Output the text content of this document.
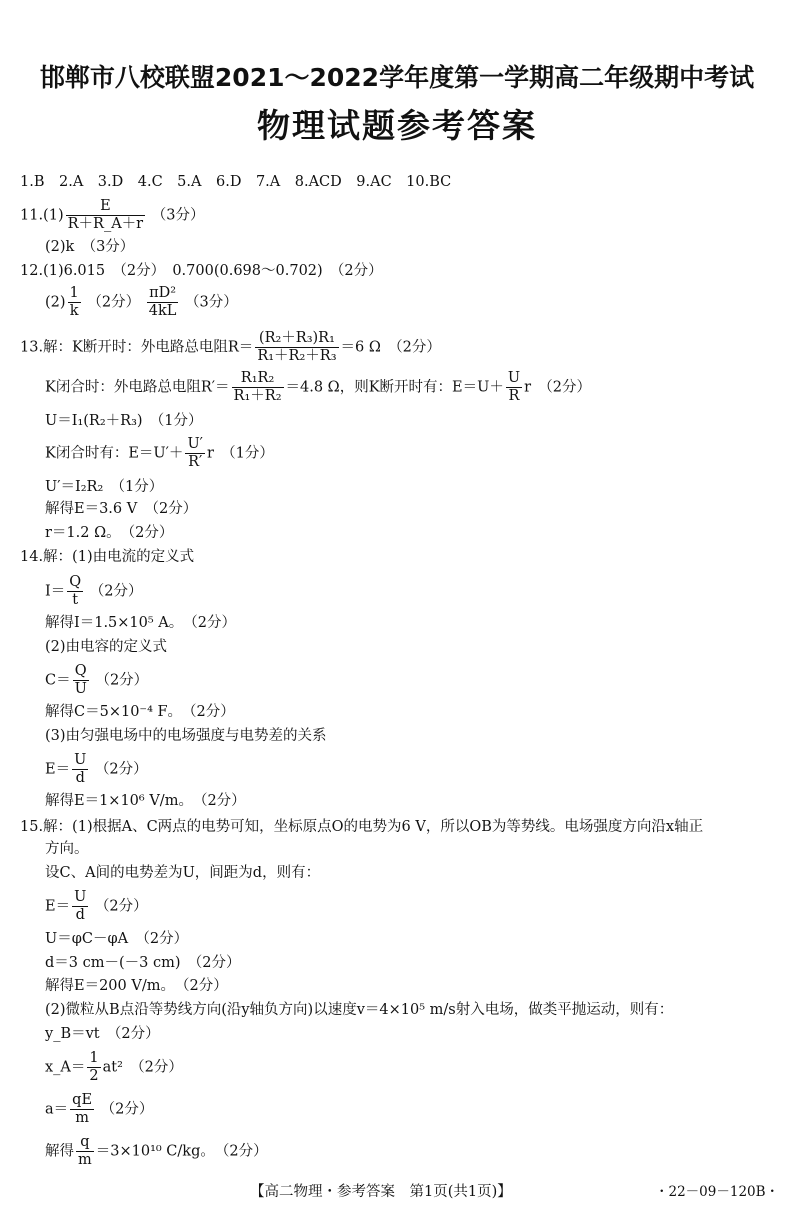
邯郸市八校联盟2021～2022学年度第一学期高二年级期中考试
物理试题参考答案
1.B　2.A　3.D　4.C　5.A　6.D　7.A　8.ACD　9.AC　10.BC
$11.(1) \frac{E}{R+R\_A+r} (3$分）
(2)k　（3分）
12.(1)6.015　（2分）　0.700(0.698～0.702)　（2分）
$(2) \frac{1}{k} (2$分） $\frac{\text{πD²}}{4kL} (3$分）
13.解：K断开时：外电路总电阻$R= \frac{\text{(R₂＋R₃)R₁}}{\text{R₁＋R₂＋R₃}} =6$ Ω　（2分）
K闭合时：外电路总电阻$R'= \frac{\text{R₁R₂}}{\text{R₁＋R₂}} =4.8$ Ω，则K断开时有：$E=U+ \frac{U}{R}$ r　（2分）
U＝I₁(R₂＋R₃)　（1分）
K闭合时有：$E=U'+ \frac{U'}{R'}$ r　（1分）
U′＝I₂R₂　（1分）
解得E＝3.6 V　（2分）
r＝1.2 Ω。　（2分）
14.解：(1)由电流的定义式
$I= \frac{Q}{t} (2$分）
解得I＝1.5×10⁵ A。　（2分）
(2)由电容的定义式
$C= \frac{Q}{U} (2$分）
解得C＝5×10⁻⁴ F。　（2分）
(3)由匀强电场中的电场强度与电势差的关系
$E= \frac{U}{d} (2$分）
解得E＝1×10⁶ V/m。　（2分）
15.解：(1)根据A、C两点的电势可知，坐标原点O的电势为6 V，所以OB为等势线。电场强度方向沿x轴正
方向。
设C、A间的电势差为U，间距为d，则有：
$E= \frac{U}{d} (2$分）
U＝φC－φA　（2分）
d＝3 cm－(－3 cm)　（2分）
解得E＝200 V/m。　（2分）
(2)微粒从B点沿等势线方向(沿y轴负方向)以速度v＝4×10⁵ m/s射入电场，做类平抛运动，则有：
y_B＝vt　（2分）
x_A＝ $\frac{1}{2} at^2$　（2分）
$a= \frac{qE}{m} (2$分）
解得 $\frac{q}{m} =3\times 10^{10}$ C/kg。　（2分）
【高二物理・参考答案　第1页(共1页)】	・22－09－120B・
